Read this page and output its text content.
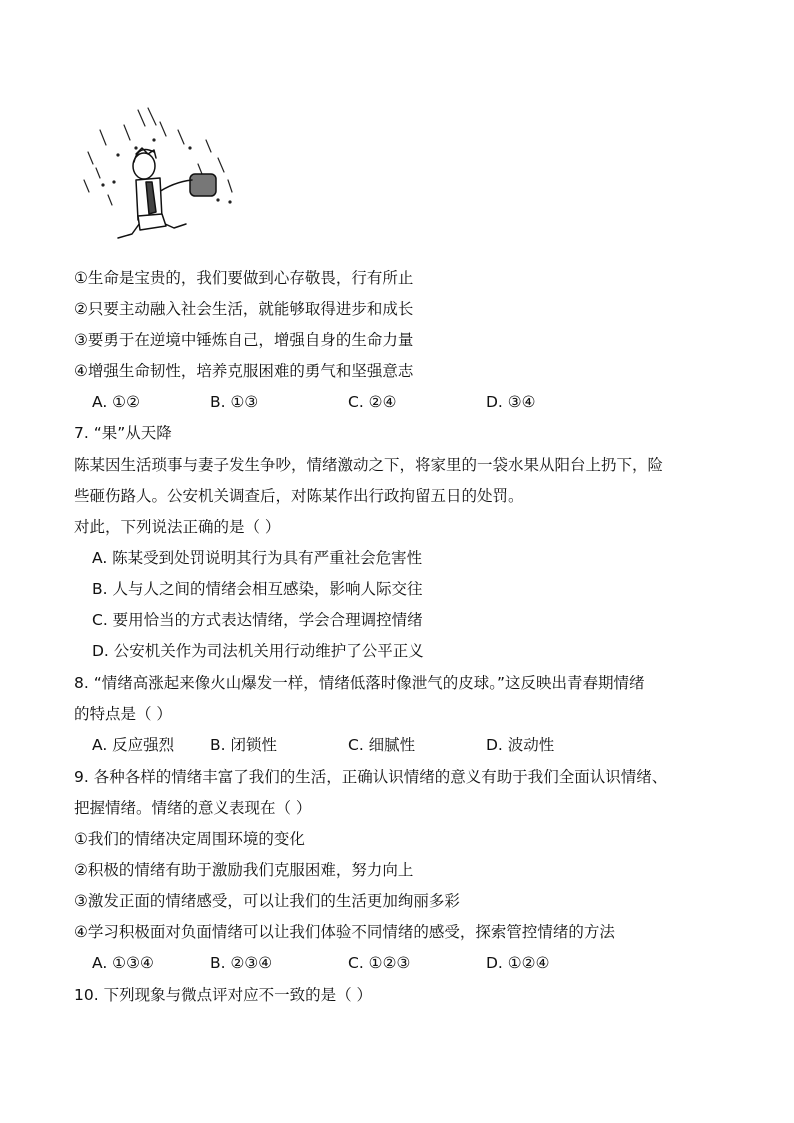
①生命是宝贵的，我们要做到心存敬畏，行有所止
②只要主动融入社会生活，就能够取得进步和成长
③要勇于在逆境中锤炼自己，增强自身的生命力量
④增强生命韧性，培养克服困难的勇气和坚强意志
A. ①②	B. ①③	C. ②④	D. ③④
7. “果”从天降
陈某因生活琐事与妻子发生争吵，情绪激动之下，将家里的一袋水果从阳台上扔下，险
些砸伤路人。公安机关调查后，对陈某作出行政拘留五日的处罚。
对此，下列说法正确的是（ ）
A. 陈某受到处罚说明其行为具有严重社会危害性
B. 人与人之间的情绪会相互感染，影响人际交往
C. 要用恰当的方式表达情绪，学会合理调控情绪
D. 公安机关作为司法机关用行动维护了公平正义
8. “情绪高涨起来像火山爆发一样，情绪低落时像泄气的皮球。”这反映出青春期情绪
的特点是（ ）
A. 反应强烈 B. 闭锁性	C. 细腻性	D. 波动性
9. 各种各样的情绪丰富了我们的生活，正确认识情绪的意义有助于我们全面认识情绪、
把握情绪。情绪的意义表现在（ ）
①我们的情绪决定周围环境的变化
②积极的情绪有助于激励我们克服困难，努力向上
③激发正面的情绪感受，可以让我们的生活更加绚丽多彩
④学习积极面对负面情绪可以让我们体验不同情绪的感受，探索管控情绪的方法
A. ①③④	B. ②③④	C. ①②③	D. ①②④
10. 下列现象与微点评对应不一致的是（ ）
